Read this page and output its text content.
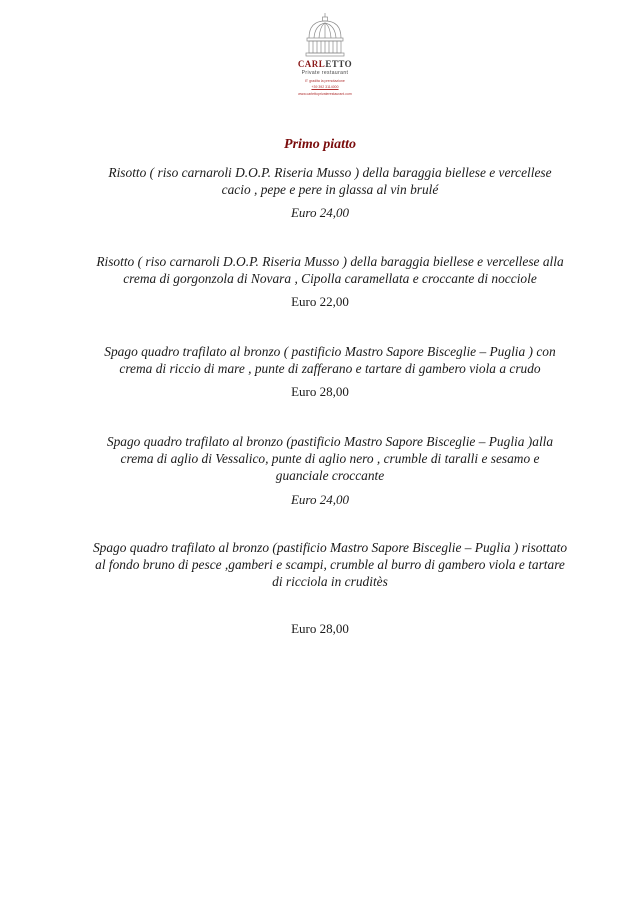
CARLETTO
Private restaurant
E' gradita la prenotazione
+39 392 3114000
www.carlettoprivaterestaurant.com
Primo piatto
Risotto ( riso carnaroli D.O.P. Riseria Musso ) della baraggia biellese e vercellese
cacio , pepe e pere in glassa al vin brulé
Euro 24,00
Risotto ( riso carnaroli D.O.P. Riseria Musso ) della baraggia biellese e vercellese alla
crema di gorgonzola di Novara , Cipolla caramellata e croccante di nocciole
Euro 22,00
Spago quadro trafilato al bronzo ( pastificio Mastro Sapore Bisceglie – Puglia ) con
crema di riccio di mare , punte di zafferano e tartare di gambero viola a crudo
Euro 28,00
Spago quadro trafilato al bronzo (pastificio Mastro Sapore Bisceglie – Puglia )alla
crema di aglio di Vessalico, punte di aglio nero , crumble di taralli e sesamo e
guanciale croccante
Euro 24,00
Spago quadro trafilato al bronzo (pastificio Mastro Sapore Bisceglie – Puglia ) risottato
al fondo bruno di pesce ,gamberi e scampi, crumble al burro di gambero viola e tartare
di ricciola in cruditès
Euro 28,00
